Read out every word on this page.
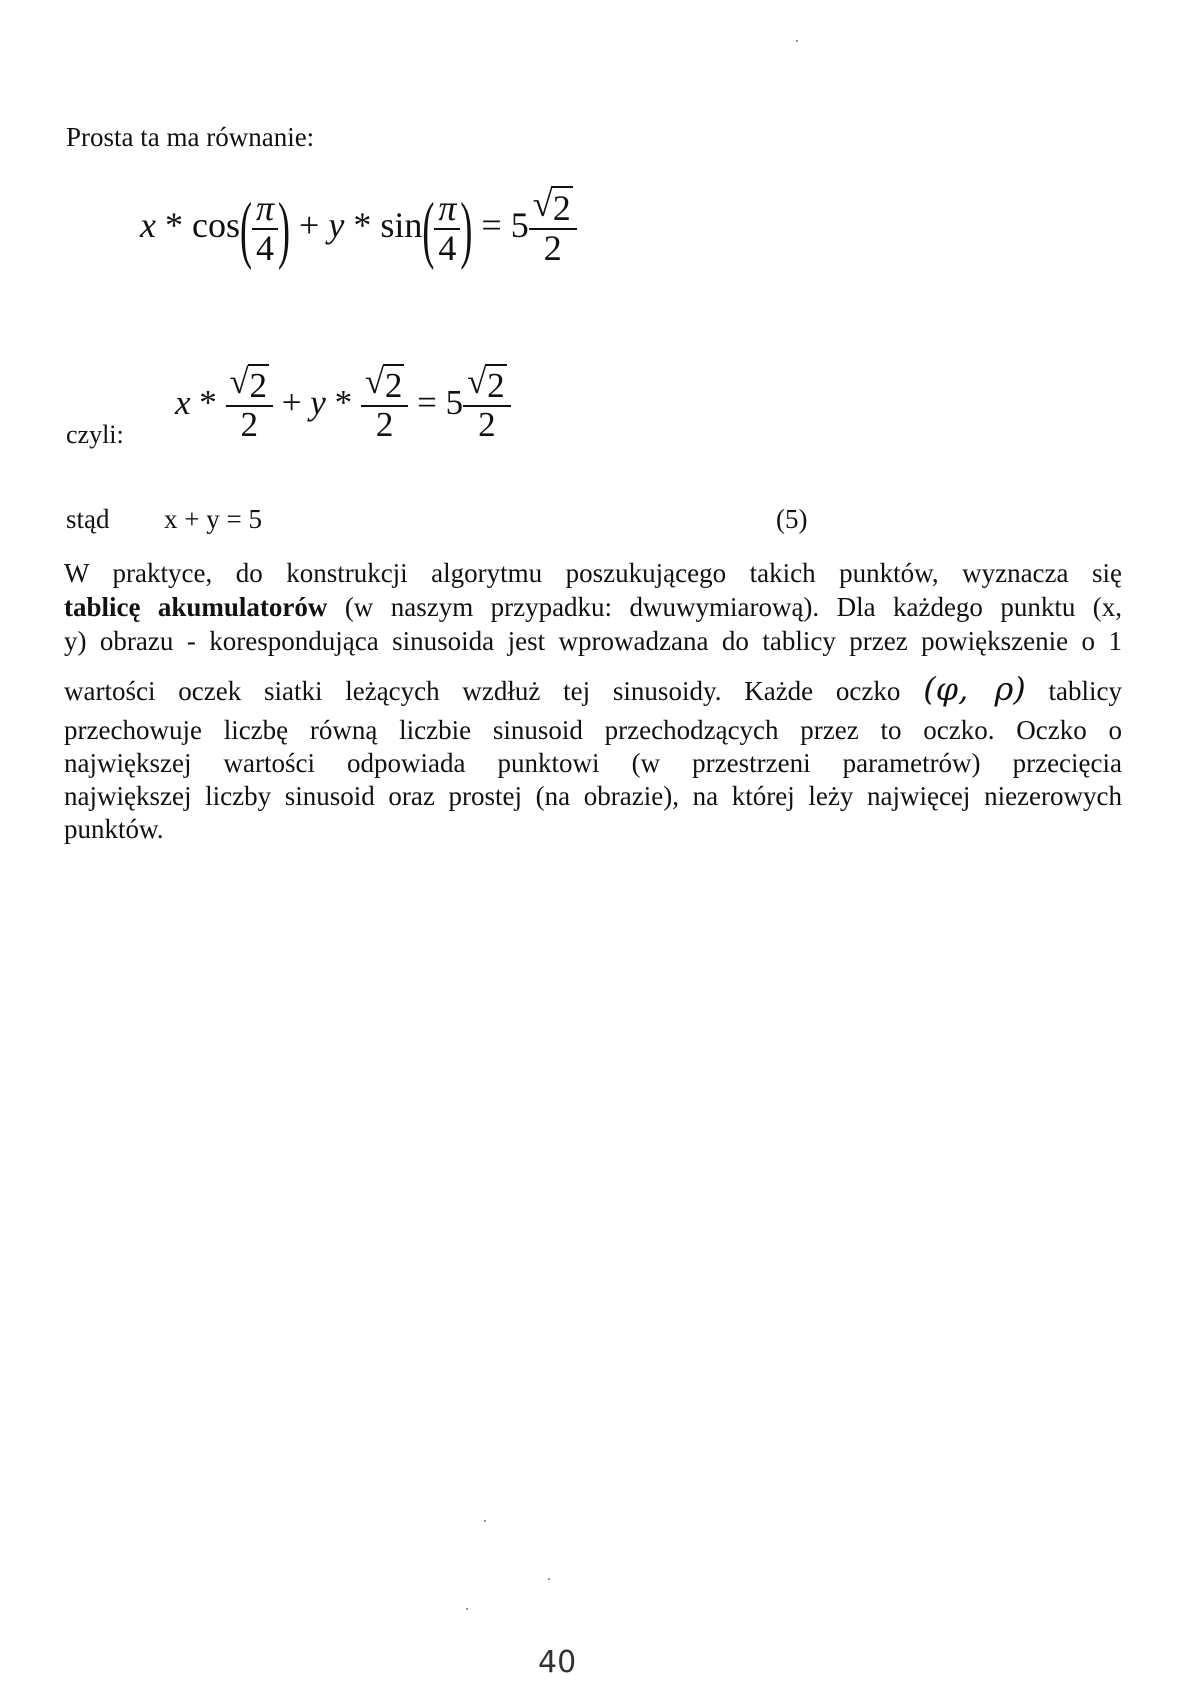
Prosta ta ma równanie:
x * $\cos( \frac{\pi}{4}$ ) + y * $\sin( \frac{\pi}{4}$ ) = $5 \frac{√ 2}{2}$
czyli:
$x * \frac{√ 2}{2} + y * \frac{√ 2}{2} = 5 \frac{√ 2}{2}$
stąd x + y = 5	(5)
W praktyce, do konstrukcji algorytmu poszukującego takich punktów, wyznacza się
tablicę akumulatorów (w naszym przypadku: dwuwymiarową). Dla każdego punktu (x,
y) obrazu - korespondująca sinusoida jest wprowadzana do tablicy przez powiększenie o 1
wartości oczek siatki leżących wzdłuż tej sinusoidy. Każde oczko (φ, ρ) tablicy
przechowuje liczbę równą liczbie sinusoid przechodzących przez to oczko. Oczko o
największej wartości odpowiada punktowi (w przestrzeni parametrów) przecięcia
największej liczby sinusoid oraz prostej (na obrazie), na której leży najwięcej niezerowych
punktów.
40
